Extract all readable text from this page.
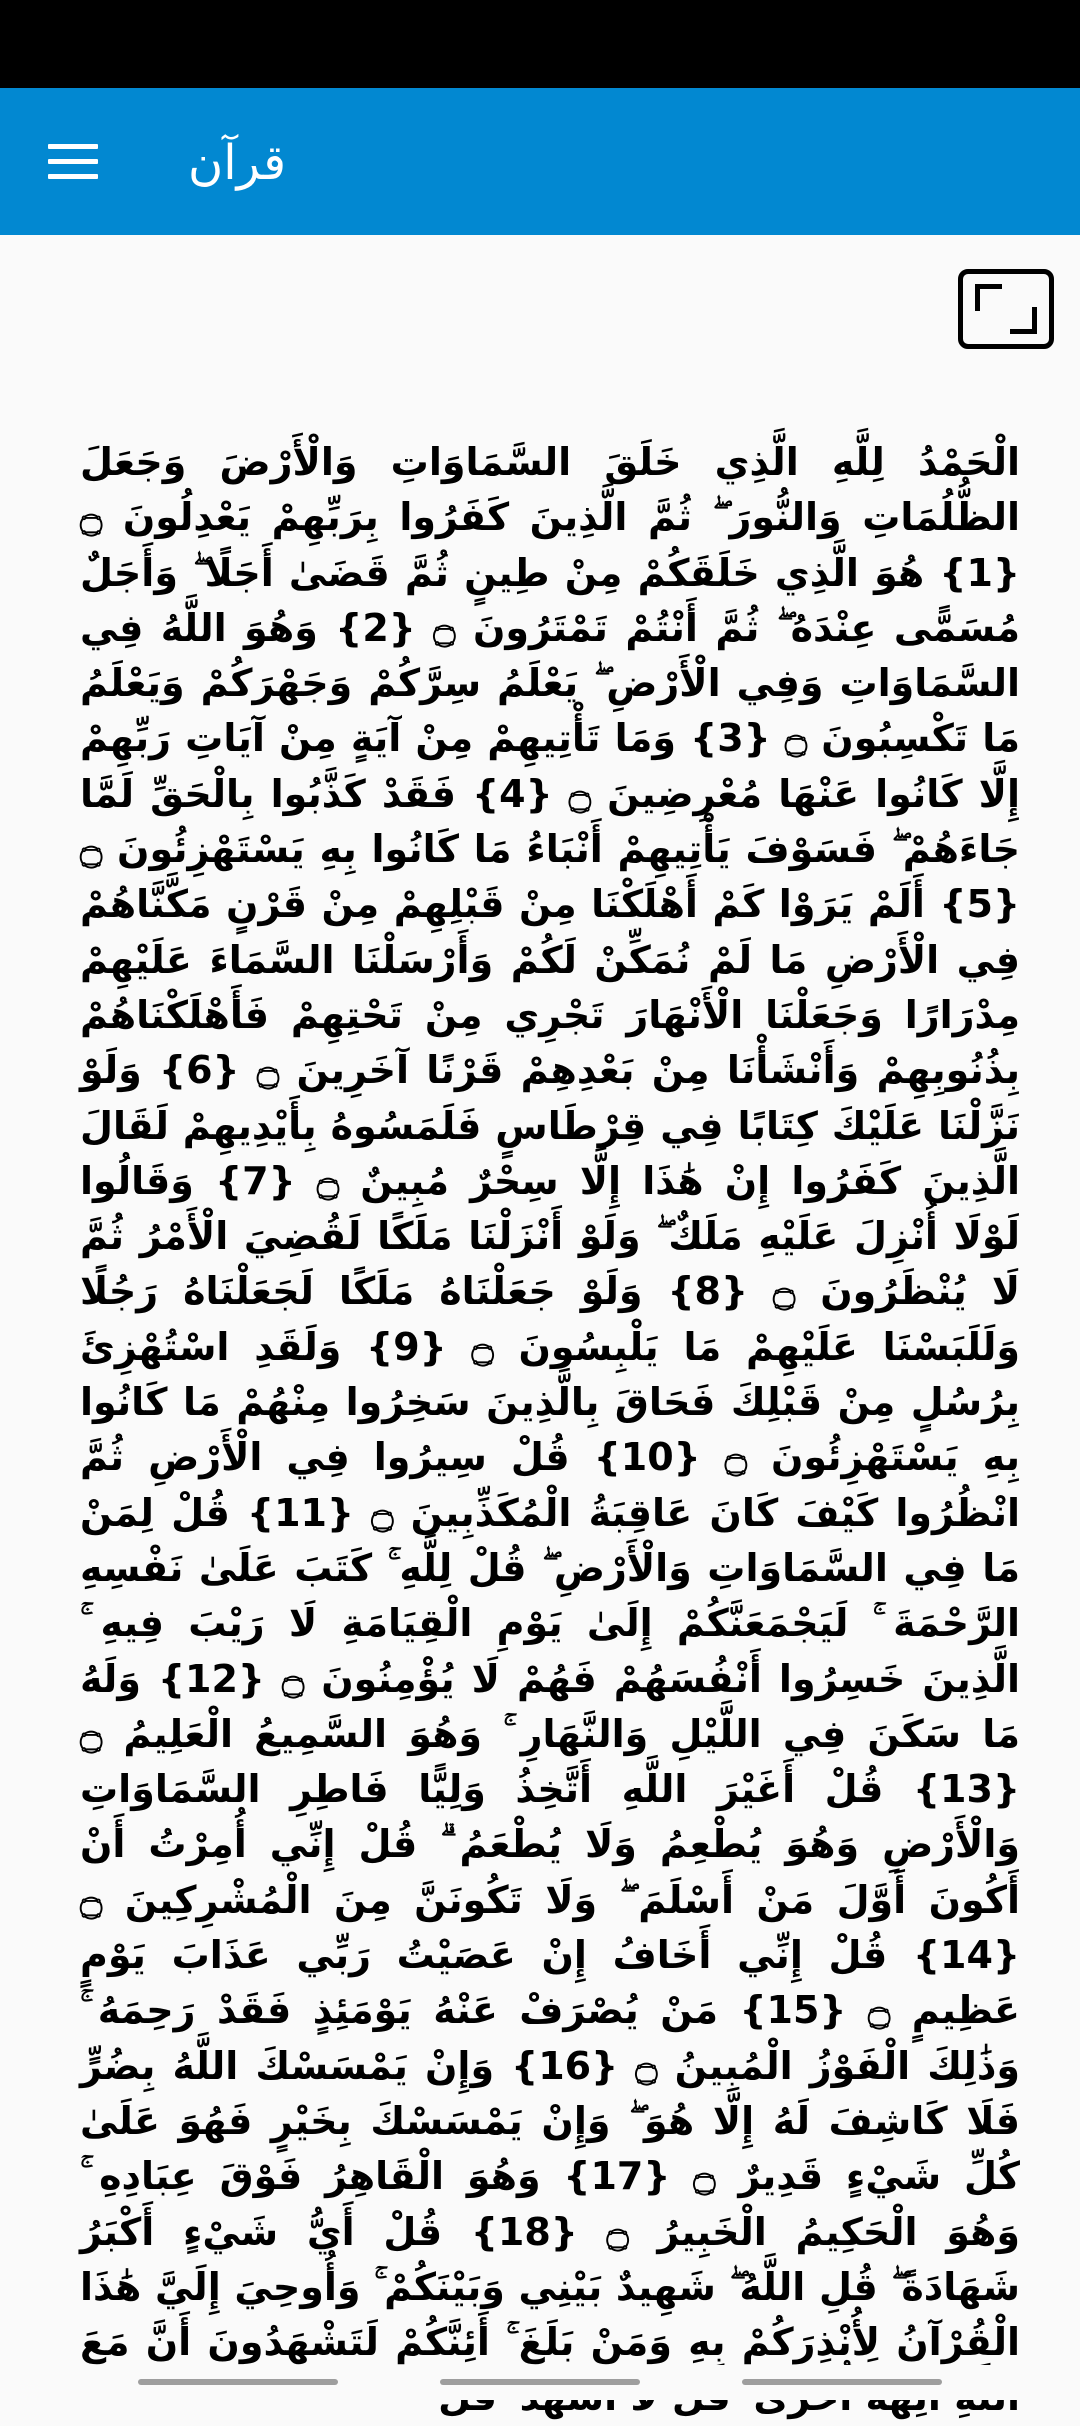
قرآن
الْحَمْدُ لِلَّهِ الَّذِي خَلَقَ السَّمَاوَاتِ وَالْأَرْضَ وَجَعَلَ الظُّلُمَاتِ وَالنُّورَ ۖ ثُمَّ الَّذِينَ كَفَرُوا بِرَبِّهِمْ يَعْدِلُونَ ۝ {1} هُوَ الَّذِي خَلَقَكُمْ مِنْ طِينٍ ثُمَّ قَضَىٰ أَجَلًا ۖ وَأَجَلٌ مُسَمًّى عِنْدَهُ ۖ ثُمَّ أَنْتُمْ تَمْتَرُونَ ۝ {2} وَهُوَ اللَّهُ فِي السَّمَاوَاتِ وَفِي الْأَرْضِ ۖ يَعْلَمُ سِرَّكُمْ وَجَهْرَكُمْ وَيَعْلَمُ مَا تَكْسِبُونَ ۝ {3} وَمَا تَأْتِيهِمْ مِنْ آيَةٍ مِنْ آيَاتِ رَبِّهِمْ إِلَّا كَانُوا عَنْهَا مُعْرِضِينَ ۝ {4} فَقَدْ كَذَّبُوا بِالْحَقِّ لَمَّا جَاءَهُمْ ۖ فَسَوْفَ يَأْتِيهِمْ أَنْبَاءُ مَا كَانُوا بِهِ يَسْتَهْزِئُونَ ۝ {5} أَلَمْ يَرَوْا كَمْ أَهْلَكْنَا مِنْ قَبْلِهِمْ مِنْ قَرْنٍ مَكَّنَّاهُمْ فِي الْأَرْضِ مَا لَمْ نُمَكِّنْ لَكُمْ وَأَرْسَلْنَا السَّمَاءَ عَلَيْهِمْ مِدْرَارًا وَجَعَلْنَا الْأَنْهَارَ تَجْرِي مِنْ تَحْتِهِمْ فَأَهْلَكْنَاهُمْ بِذُنُوبِهِمْ وَأَنْشَأْنَا مِنْ بَعْدِهِمْ قَرْنًا آخَرِينَ ۝ {6} وَلَوْ نَزَّلْنَا عَلَيْكَ كِتَابًا فِي قِرْطَاسٍ فَلَمَسُوهُ بِأَيْدِيهِمْ لَقَالَ الَّذِينَ كَفَرُوا إِنْ هَٰذَا إِلَّا سِحْرٌ مُبِينٌ ۝ {7} وَقَالُوا لَوْلَا أُنْزِلَ عَلَيْهِ مَلَكٌ ۖ وَلَوْ أَنْزَلْنَا مَلَكًا لَقُضِيَ الْأَمْرُ ثُمَّ لَا يُنْظَرُونَ ۝ {8} وَلَوْ جَعَلْنَاهُ مَلَكًا لَجَعَلْنَاهُ رَجُلًا وَلَلَبَسْنَا عَلَيْهِمْ مَا يَلْبِسُونَ ۝ {9} وَلَقَدِ اسْتُهْزِئَ بِرُسُلٍ مِنْ قَبْلِكَ فَحَاقَ بِالَّذِينَ سَخِرُوا مِنْهُمْ مَا كَانُوا بِهِ يَسْتَهْزِئُونَ ۝ {10} قُلْ سِيرُوا فِي الْأَرْضِ ثُمَّ انْظُرُوا كَيْفَ كَانَ عَاقِبَةُ الْمُكَذِّبِينَ ۝ {11} قُلْ لِمَنْ مَا فِي السَّمَاوَاتِ وَالْأَرْضِ ۖ قُلْ لِلَّهِ ۚ كَتَبَ عَلَىٰ نَفْسِهِ الرَّحْمَةَ ۚ لَيَجْمَعَنَّكُمْ إِلَىٰ يَوْمِ الْقِيَامَةِ لَا رَيْبَ فِيهِ ۚ الَّذِينَ خَسِرُوا أَنْفُسَهُمْ فَهُمْ لَا يُؤْمِنُونَ ۝ {12} وَلَهُ مَا سَكَنَ فِي اللَّيْلِ وَالنَّهَارِ ۚ وَهُوَ السَّمِيعُ الْعَلِيمُ ۝ {13} قُلْ أَغَيْرَ اللَّهِ أَتَّخِذُ وَلِيًّا فَاطِرِ السَّمَاوَاتِ وَالْأَرْضِ وَهُوَ يُطْعِمُ وَلَا يُطْعَمُ ۗ قُلْ إِنِّي أُمِرْتُ أَنْ أَكُونَ أَوَّلَ مَنْ أَسْلَمَ ۖ وَلَا تَكُونَنَّ مِنَ الْمُشْرِكِينَ ۝ {14} قُلْ إِنِّي أَخَافُ إِنْ عَصَيْتُ رَبِّي عَذَابَ يَوْمٍ عَظِيمٍ ۝ {15} مَنْ يُصْرَفْ عَنْهُ يَوْمَئِذٍ فَقَدْ رَحِمَهُ ۚ وَذَٰلِكَ الْفَوْزُ الْمُبِينُ ۝ {16} وَإِنْ يَمْسَسْكَ اللَّهُ بِضُرٍّ فَلَا كَاشِفَ لَهُ إِلَّا هُوَ ۖ وَإِنْ يَمْسَسْكَ بِخَيْرٍ فَهُوَ عَلَىٰ كُلِّ شَيْءٍ قَدِيرٌ ۝ {17} وَهُوَ الْقَاهِرُ فَوْقَ عِبَادِهِ ۚ وَهُوَ الْحَكِيمُ الْخَبِيرُ ۝ {18} قُلْ أَيُّ شَيْءٍ أَكْبَرُ شَهَادَةً ۖ قُلِ اللَّهُ ۖ شَهِيدٌ بَيْنِي وَبَيْنَكُمْ ۚ وَأُوحِيَ إِلَيَّ هَٰذَا الْقُرْآنُ لِأُنْذِرَكُمْ بِهِ وَمَنْ بَلَغَ ۚ أَئِنَّكُمْ لَتَشْهَدُونَ أَنَّ مَعَ
